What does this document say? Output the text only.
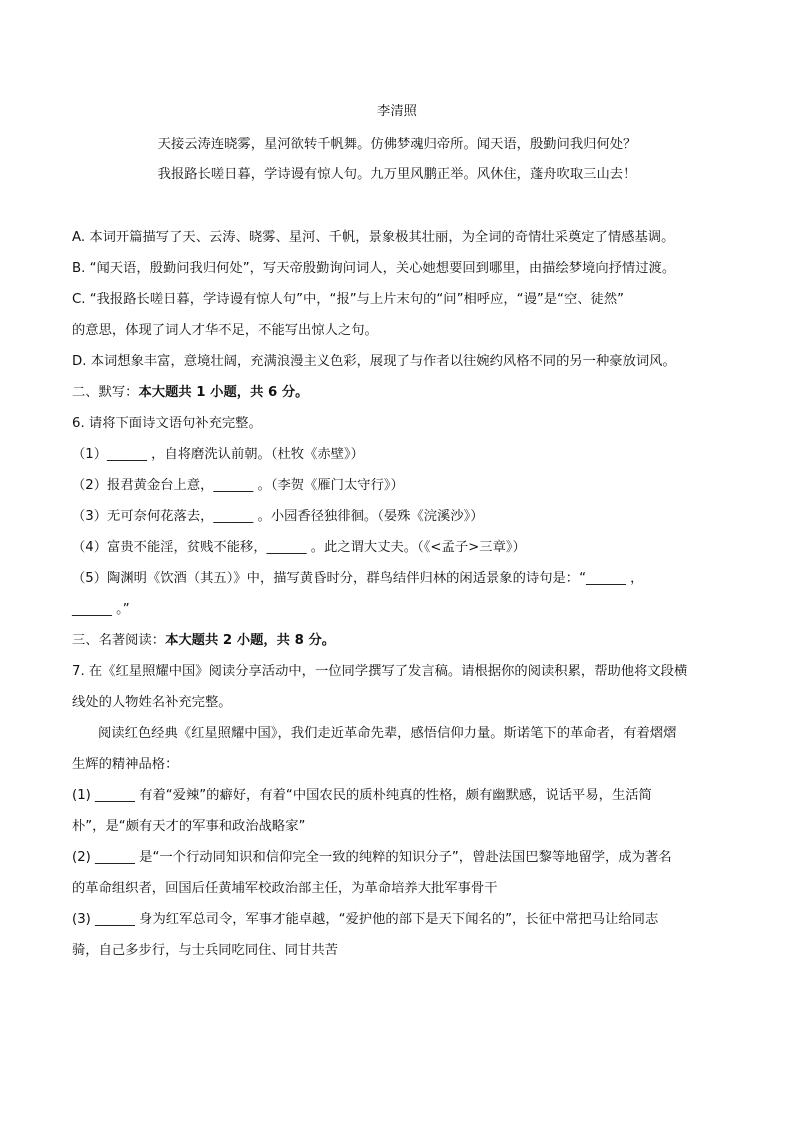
李清照
天接云涛连晓雾，星河欲转千帆舞。仿佛梦魂归帝所。闻天语，殷勤问我归何处？
我报路长嗟日暮，学诗谩有惊人句。九万里风鹏正举。风休住，蓬舟吹取三山去！
A. 本词开篇描写了天、云涛、晓雾、星河、千帆，景象极其壮丽，为全词的奇情壮采奠定了情感基调。
B. “闻天语，殷勤问我归何处”，写天帝殷勤询问词人，关心她想要回到哪里，由描绘梦境向抒情过渡。
C. “我报路长嗟日暮，学诗谩有惊人句”中，“报”与上片末句的“问”相呼应，“谩”是“空、徒然”
的意思，体现了词人才华不足，不能写出惊人之句。
D. 本词想象丰富，意境壮阔，充满浪漫主义色彩，展现了与作者以往婉约风格不同的另一种豪放词风。
二、默写：本大题共 1 小题，共 6 分。
6. 请将下面诗文语句补充完整。
（1）______ ，自将磨洗认前朝。（杜牧《赤壁》）
（2）报君黄金台上意，______ 。（李贺《雁门太守行》）
（3）无可奈何花落去，______ 。小园香径独徘徊。（晏殊《浣溪沙》）
（4）富贵不能淫，贫贱不能移，______ 。此之谓大丈夫。（《<孟子>三章》）
（5）陶渊明《饮酒（其五）》中，描写黄昏时分，群鸟结伴归林的闲适景象的诗句是：“______ ，
______ 。”
三、名著阅读：本大题共 2 小题，共 8 分。
7. 在《红星照耀中国》阅读分享活动中，一位同学撰写了发言稿。请根据你的阅读积累，帮助他将文段横
线处的人物姓名补充完整。
阅读红色经典《红星照耀中国》，我们走近革命先辈，感悟信仰力量。斯诺笔下的革命者，有着熠熠
生辉的精神品格：
(1) ______ 有着“爱辣”的癖好，有着“中国农民的质朴纯真的性格，颇有幽默感，说话平易，生活简
朴”，是“颇有天才的军事和政治战略家”
(2) ______ 是“一个行动同知识和信仰完全一致的纯粹的知识分子”，曾赴法国巴黎等地留学，成为著名
的革命组织者，回国后任黄埔军校政治部主任，为革命培养大批军事骨干
(3) ______ 身为红军总司令，军事才能卓越，“爱护他的部下是天下闻名的”，长征中常把马让给同志
骑，自己多步行，与士兵同吃同住、同甘共苦
